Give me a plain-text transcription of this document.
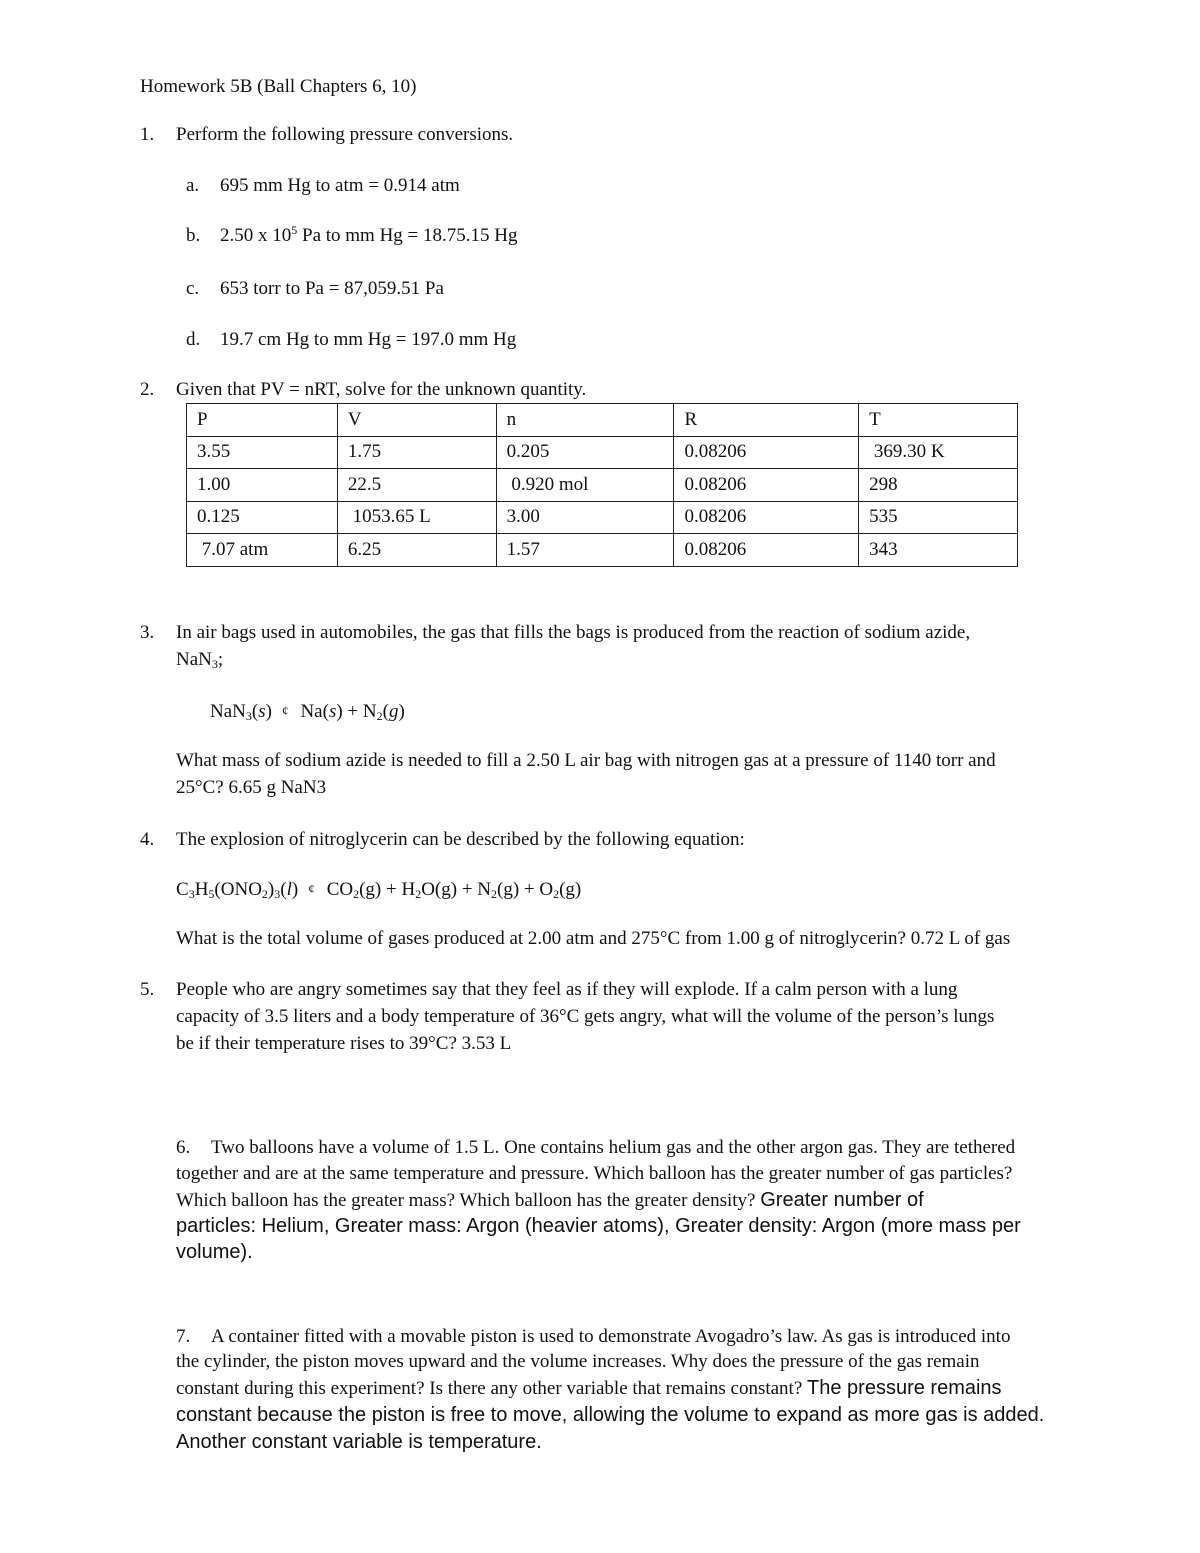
Homework 5B (Ball Chapters 6, 10)
1. Perform the following pressure conversions.
a. 695 mm Hg to atm = 0.914 atm
b. 2.50 x $10^5$ Pa to mm Hg = 18.75.15 Hg
c. 653 torr to Pa = 87,059.51 Pa
d. 19.7 cm Hg to mm Hg = 197.0 mm Hg
2. Given that PV = nRT, solve for the unknown quantity.
P	V	n	R	T
3.55	1.75	0.205	0.08206	369.30 K
1.00	22.5	0.920 mol	0.08206	298
0.125	1053.65 L	3.00	0.08206	535
7.07 atm	6.25	1.57	0.08206	343
3. In air bags used in automobiles, the gas that fills the bags is produced from the reaction of sodium azide,
NaN$_3$;
NaN$_3$(s) ¢ $Na(s) + N_2(g)$
What mass of sodium azide is needed to fill a 2.50 L air bag with nitrogen gas at a pressure of 1140 torr and
25°C? 6.65 g NaN3
4. The explosion of nitroglycerin can be described by the following equation:
$C_3H_5(ONO_2)_3(l)$ ¢ $CO_2(g) + H_2O(g) + N_2(g) + O_2(g)$
What is the total volume of gases produced at 2.00 atm and 275°C from 1.00 g of nitroglycerin? 0.72 L of gas
5. People who are angry sometimes say that they feel as if they will explode. If a calm person with a lung
capacity of 3.5 liters and a body temperature of 36°C gets angry, what will the volume of the person’s lungs
be if their temperature rises to 39°C? 3.53 L
6. Two balloons have a volume of 1.5 L. One contains helium gas and the other argon gas. They are tethered
together and are at the same temperature and pressure. Which balloon has the greater number of gas particles?
Which balloon has the greater mass? Which balloon has the greater density? Greater number of
particles: Helium, Greater mass: Argon (heavier atoms), Greater density: Argon (more mass per
volume).
7. A container fitted with a movable piston is used to demonstrate Avogadro’s law. As gas is introduced into
the cylinder, the piston moves upward and the volume increases. Why does the pressure of the gas remain
constant during this experiment? Is there any other variable that remains constant? The pressure remains
constant because the piston is free to move, allowing the volume to expand as more gas is added.
Another constant variable is temperature.
